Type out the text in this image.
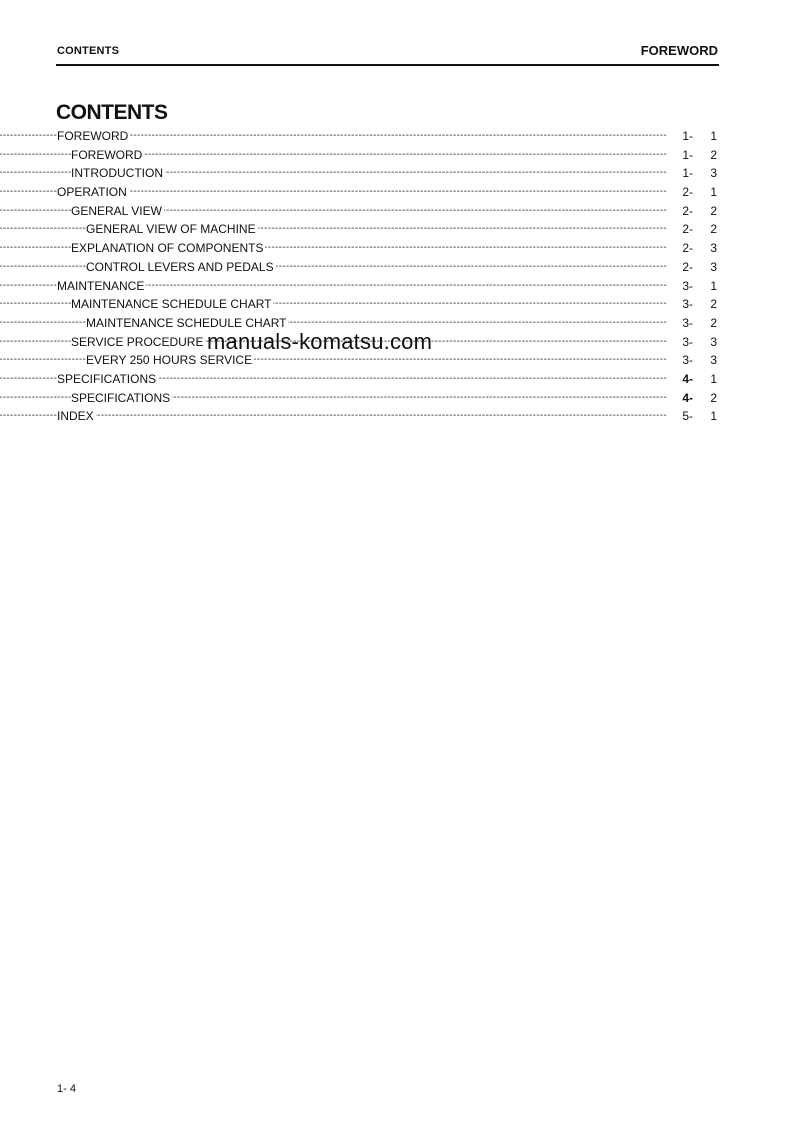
CONTENTS	FOREWORD
CONTENTS
-----
FOREWORD	1- 1
-----
FOREWORD	1- 2
-----
INTRODUCTION	1- 3
-----
OPERATION	2- 1
-----
GENERAL VIEW	2- 2
-----
GENERAL VIEW OF MACHINE	2- 2
-----
EXPLANATION OF COMPONENTS	2- 3
-----
CONTROL LEVERS AND PEDALS	2- 3
-----
MAINTENANCE	3- 1
-----
MAINTENANCE SCHEDULE CHART	3- 2
-----
MAINTENANCE SCHEDULE CHART	3- 2
-----
SERVICE PROCEDURE	3- 3
-----
EVERY 250 HOURS SERVICE	3- 3
-----
SPECIFICATIONS	4- 1
-----
SPECIFICATIONS	4- 2
-----
INDEX	5- 1
manuals-komatsu.com
1- 4
